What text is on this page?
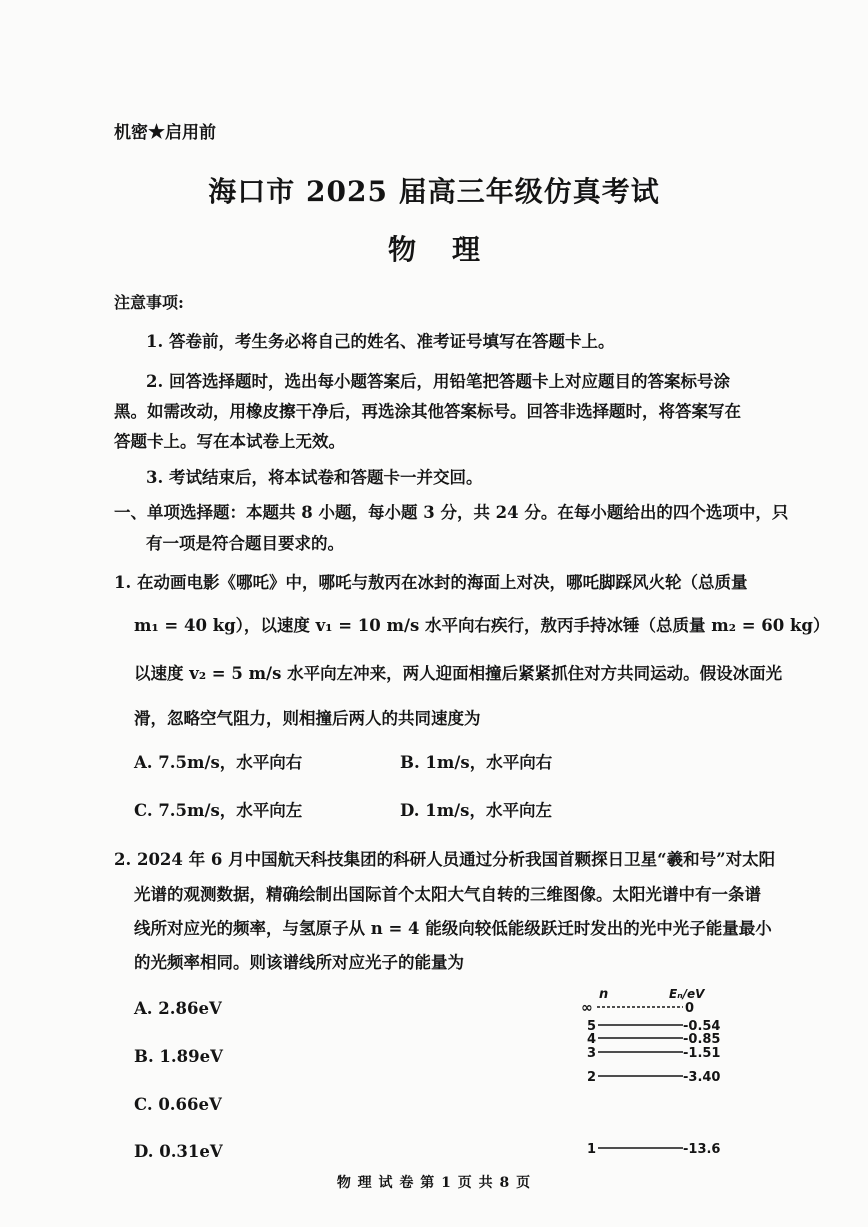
机密★启用前
海口市 2025 届高三年级仿真考试
物 理
注意事项:
1. 答卷前，考生务必将自己的姓名、准考证号填写在答题卡上。
2. 回答选择题时，选出每小题答案后，用铅笔把答题卡上对应题目的答案标号涂
黑。如需改动，用橡皮擦干净后，再选涂其他答案标号。回答非选择题时，将答案写在
答题卡上。写在本试卷上无效。
3. 考试结束后，将本试卷和答题卡一并交回。
一、单项选择题：本题共 8 小题，每小题 3 分，共 24 分。在每小题给出的四个选项中，只
有一项是符合题目要求的。
1. 在动画电影《哪吒》中，哪吒与敖丙在冰封的海面上对决，哪吒脚踩风火轮（总质量
m₁ = 40 kg），以速度 v₁ = 10 m/s 水平向右疾行，敖丙手持冰锤（总质量 m₂ = 60 kg）
以速度 v₂ = 5 m/s 水平向左冲来，两人迎面相撞后紧紧抓住对方共同运动。假设冰面光
滑，忽略空气阻力，则相撞后两人的共同速度为
A. 7.5m/s，水平向右	B. 1m/s，水平向右
C. 7.5m/s，水平向左	D. 1m/s，水平向左
2. 2024 年 6 月中国航天科技集团的科研人员通过分析我国首颗探日卫星“羲和号”对太阳
光谱的观测数据，精确绘制出国际首个太阳大气自转的三维图像。太阳光谱中有一条谱
线所对应光的频率，与氢原子从 n = 4 能级向较低能级跃迁时发出的光中光子能量最小
的光频率相同。则该谱线所对应光子的能量为
A. 2.86eV
B. 1.89eV
C. 0.66eV
D. 0.31eV
n	Eₙ/eV
∞	0
5	-0.54
4	-0.85
3	-1.51
2	-3.40
1	-13.6
物 理 试 卷 第 1 页 共 8 页
